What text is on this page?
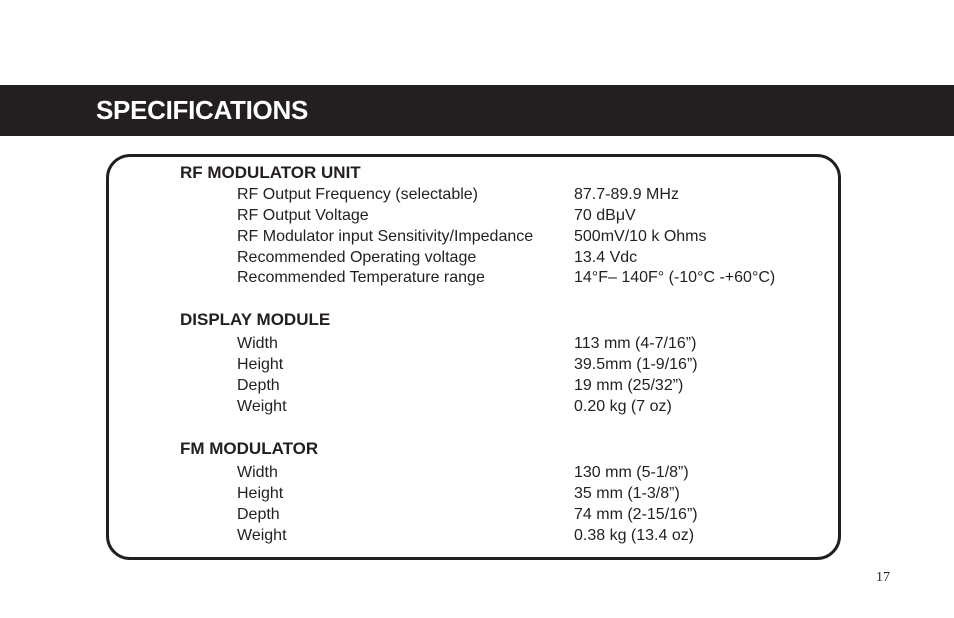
SPECIFICATIONS
RF MODULATOR UNIT
RF Output Frequency (selectable)	87.7-89.9 MHz
RF Output Voltage	70 dBμV
RF Modulator input Sensitivity/Impedance	500mV/10 k Ohms
Recommended Operating voltage	13.4 Vdc
Recommended Temperature range	14°F– 140F° (-10°C -+60°C)
DISPLAY MODULE
Width	113 mm (4-7/16”)
Height	39.5mm (1-9/16”)
Depth	19 mm (25/32”)
Weight	0.20 kg (7 oz)
FM MODULATOR
Width	130 mm (5-1/8”)
Height	35 mm (1-3/8”)
Depth	74 mm (2-15/16”)
Weight	0.38 kg (13.4 oz)
17
